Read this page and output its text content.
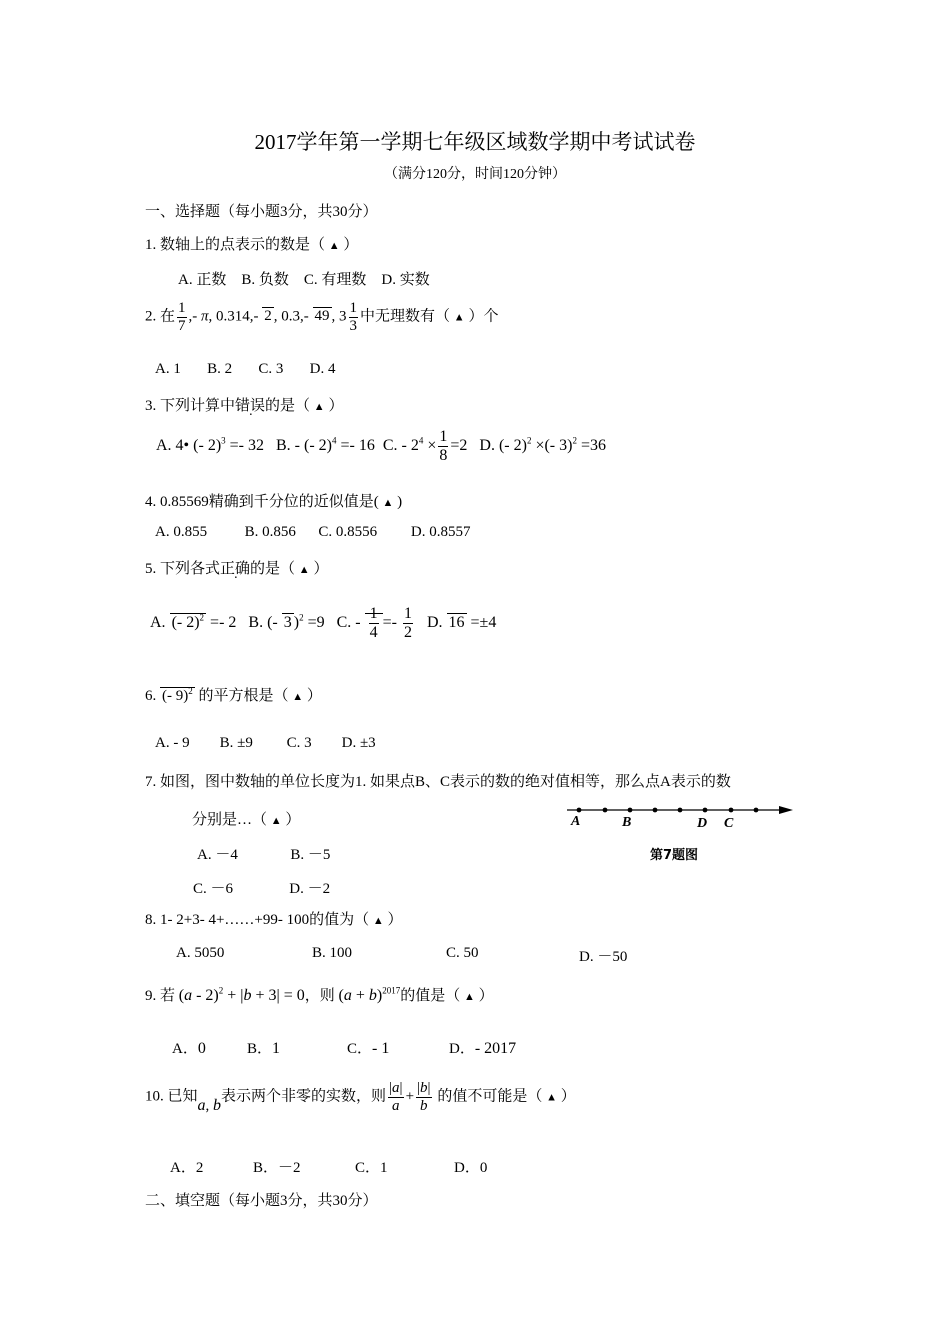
2017学年第一学期七年级区域数学期中考试试卷
（满分120分，时间120分钟）
一、选择题（每小题3分，共30分）
1. 数轴上的点表示的数是（ ▲ ）
A. 正数 B. 负数 C. 有理数 D. 实数
2. 在 $\frac{1}{7}$ ,- π, 0.314,- 2 , 0.3,- 49 , $3 \frac{1}{3}$ 中无理数有（ ▲ ）个
A. 1 B. 2 C. 3 D. 4
3. 下列计算中错误的是（ ▲ ）
A. 4• (- 2)$^3$ =- 32   B. - (- 2)$^4$ =- 16  C. - $2^4 \times \frac{1}{8} =2$   D. (- 2)$^2$ ×(- 3)$^2$ =36
4. 0.85569精确到千分位的近似值是( ▲ )
A. 0.855	B. 0.856 C. 0.8556 D. 0.8557
5. 下列各式正确的是（ ▲ ）
A. (- 2)$^2$ =- 2   B. (- 3 )$^2$ =9   C. - $\frac{1}{4} =- \frac{1}{2} D$. 16 =±4
6. (- 9)$^2$ 的平方根是（ ▲ ）
A. - 9 B. ±9 C. 3 D. ±3
7. 如图，图中数轴的单位长度为1. 如果点B、C表示的数的绝对值相等，那么点A表示的数
分别是…（ ▲ ）	A	B	D C
第7题图
A. －4	B. －5
C. －6	D. －2
8. 1- 2+3- 4+……+99- 100的值为（ ▲ ）
A. 5050	B. 100	C. 50	D. －50
9. 若 (a - 2)$^2$ + |b + 3| = 0，则 $(a + b)^{2017}$的值是（ ▲ ）
A．0	B．1	C．- 1	D．- 2017
10. 已知a, b表示两个非零的实数，则 $\frac{|a|}{a} + \frac{|b|}{b}$ 的值不可能是（ ▲ ）
A．2	B．－2	C．1	D．0
二、填空题（每小题3分，共30分）
